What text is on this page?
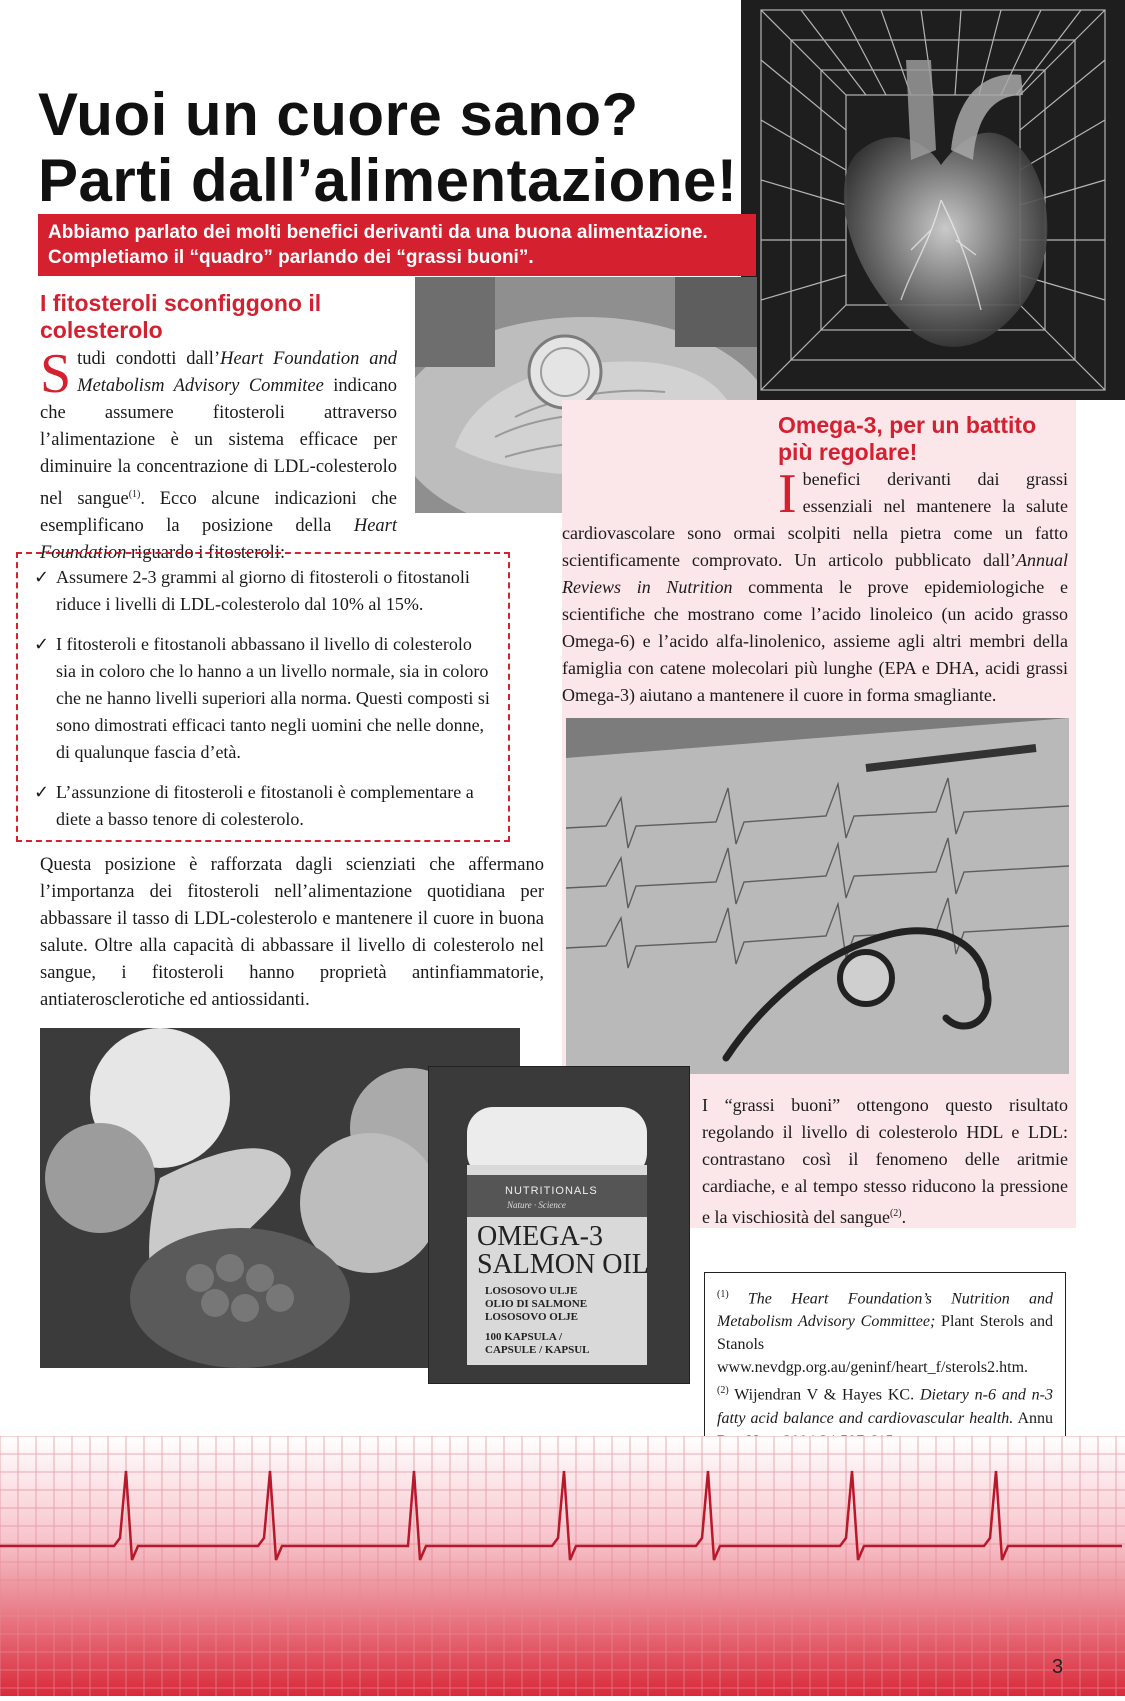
Vuoi un cuore sano?
Parti dall’alimentazione!
Abbiamo parlato dei molti benefici derivanti da una buona alimentazione.
Completiamo il “quadro” parlando dei “grassi buoni”.
I fitosteroli sconfiggono il
colesterolo
Studi condotti dall’Heart Foundation and Metabolism Advisory Commitee indicano che assumere fitosteroli attraverso l’alimentazione è un sistema efficace per diminuire la concentrazione di LDL-colesterolo nel sangue$^{(1)}$. Ecco alcune indicazioni che esemplificano la posizione della Heart Foundation riguardo i fitosteroli:
✓ Assumere 2-3 grammi al giorno di fitosteroli o fitostanoli riduce i livelli di LDL-colesterolo dal 10% al 15%.
✓ I fitosteroli e fitostanoli abbassano il livello di colesterolo sia in coloro che lo hanno a un livello normale, sia in coloro che ne hanno livelli superiori alla norma. Questi composti si sono dimostrati efficaci tanto negli uomini che nelle donne, di qualunque fascia d’età.
✓ L’assunzione di fitosteroli e fitostanoli è complementare a diete a basso tenore di colesterolo.
Questa posizione è rafforzata dagli scienziati che affermano l’importanza dei fitosteroli nell’alimentazione quotidiana per abbassare il tasso di LDL-colesterolo e mantenere il cuore in buona salute. Oltre alla capacità di abbassare il livello di colesterolo nel sangue, i fitosteroli hanno proprietà antinfiammatorie, antiaterosclerotiche ed antiossidanti.
Omega-3, per un battito
più regolare!
I benefici derivanti dai grassi essenziali nel mantenere la salute cardiovascolare sono ormai scolpiti nella pietra come un fatto scientificamente comprovato. Un articolo pubblicato dall’Annual Reviews in Nutrition commenta le prove epidemiologiche e scientifiche che mostrano come l’acido linoleico (un acido grasso Omega-6) e l’acido alfa-linolenico, assieme agli altri membri della famiglia con catene molecolari più lunghe (EPA e DHA, acidi grassi Omega-3) aiutano a mantenere il cuore in forma smagliante.
I “grassi buoni” ottengono questo risultato regolando il livello di colesterolo HDL e LDL: contrastano così il fenomeno delle aritmie cardiache, e al tempo stesso riducono la pressione e la vischiosità del sangue$^{(2)}$.
NUTRITIONALS
Nature · Science
OMEGA-3
SALMON OIL
LOSOSOVO ULJE
OLIO DI SALMONE
LOSOSOVO OLJE
100 KAPSULA /
CAPSULE / KAPSUL
$^{(1)}$ The Heart Foundation’s Nutrition and Metabolism Advisory Committee; Plant Sterols and Stanols www.nevdgp.org.au/geninf/heart_f/sterols2.htm.
$^{(2)}$ Wijendran V & Hayes KC. Dietary n-6 and n-3 fatty acid balance and cardiovascular health. Annu
3
